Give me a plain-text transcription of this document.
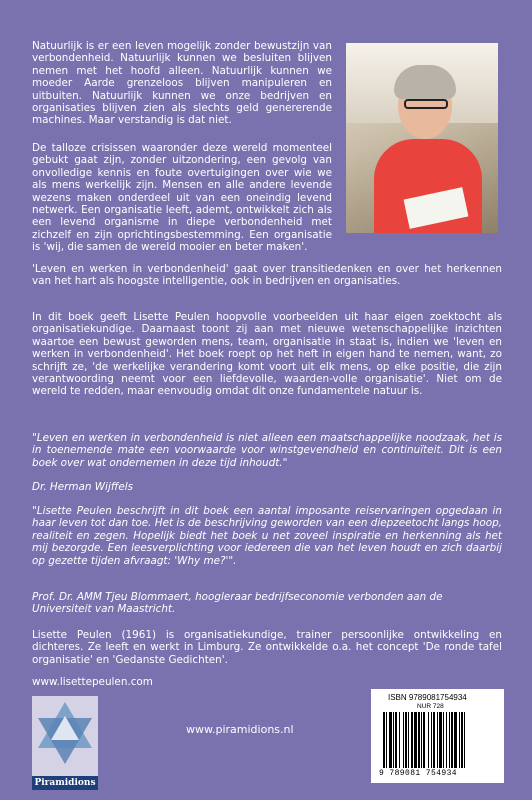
Natuurlijk is er een leven mogelijk zonder bewustzijn van verbondenheid. Natuurlijk kunnen we besluiten blijven nemen met het hoofd alleen. Natuurlijk kunnen we moeder Aarde grenzeloos blijven manipuleren en uitbuiten. Natuurlijk kunnen we onze bedrijven en organisaties blijven zien als slechts geld genererende machines. Maar verstandig is dat niet.

De talloze crisissen waaronder deze wereld momenteel gebukt gaat zijn, zonder uitzondering, een gevolg van onvolledige kennis en foute overtuigingen over wie we als mens werkelijk zijn. Mensen en alle andere levende wezens maken onderdeel uit van een oneindig levend netwerk. Een organisatie leeft, ademt, ontwikkelt zich als een levend organisme in diepe verbondenheid met zichzelf en zijn oprichtingsbestemming. Een organisatie is 'wij, die samen de wereld mooier en beter maken'.

'Leven en werken in verbondenheid' gaat over transitiedenken en over het herkennen van het hart als hoogste intelligentie, ook in bedrijven en organisaties.

In dit boek geeft Lisette Peulen hoopvolle voorbeelden uit haar eigen zoektocht als organisatiekundige. Daarnaast toont zij aan met nieuwe wetenschappelijke inzichten waartoe een bewust geworden mens, team, organisatie in staat is, indien we 'leven en werken in verbondenheid'. Het boek roept op het heft in eigen hand te nemen, want, zo schrijft ze, 'de werkelijke verandering komt voort uit elk mens, op elke positie, die zijn verantwoording neemt voor een liefdevolle, waarden-volle organisatie'. Niet om de wereld te redden, maar eenvoudig omdat dit onze fundamentele natuur is.

"Leven en werken in verbondenheid is niet alleen een maatschappelijke noodzaak, het is in toenemende mate een voorwaarde voor winstgevendheid en continuïteit. Dit is een boek over wat ondernemen in deze tijd inhoudt."

Dr. Herman Wijffels

"Lisette Peulen beschrijft in dit boek een aantal imposante reiservaringen opgedaan in haar leven tot dan toe. Het is de beschrijving geworden van een diepzeetocht langs hoop, realiteit en zegen. Hopelijk biedt het boek u net zoveel inspiratie en herkenning als het mij bezorgde. Een leesverplichting voor iedereen die van het leven houdt en zich daarbij op gezette tijden afvraagt: 'Why me?'".

Prof. Dr. AMM Tjeu Blommaert, hoogleraar bedrijfseconomie verbonden aan de Universiteit van Maastricht.

Lisette Peulen (1961) is organisatiekundige, trainer persoonlijke ontwikkeling en dichteres. Ze leeft en werkt in Limburg. Ze ontwikkelde o.a. het concept 'De ronde tafel organisatie' en 'Gedanste Gedichten'.

www.lisettepeulen.com

Piramidions
www.piramidions.nl
ISBN 9789081754934
NUR 728
9 789081 754934
